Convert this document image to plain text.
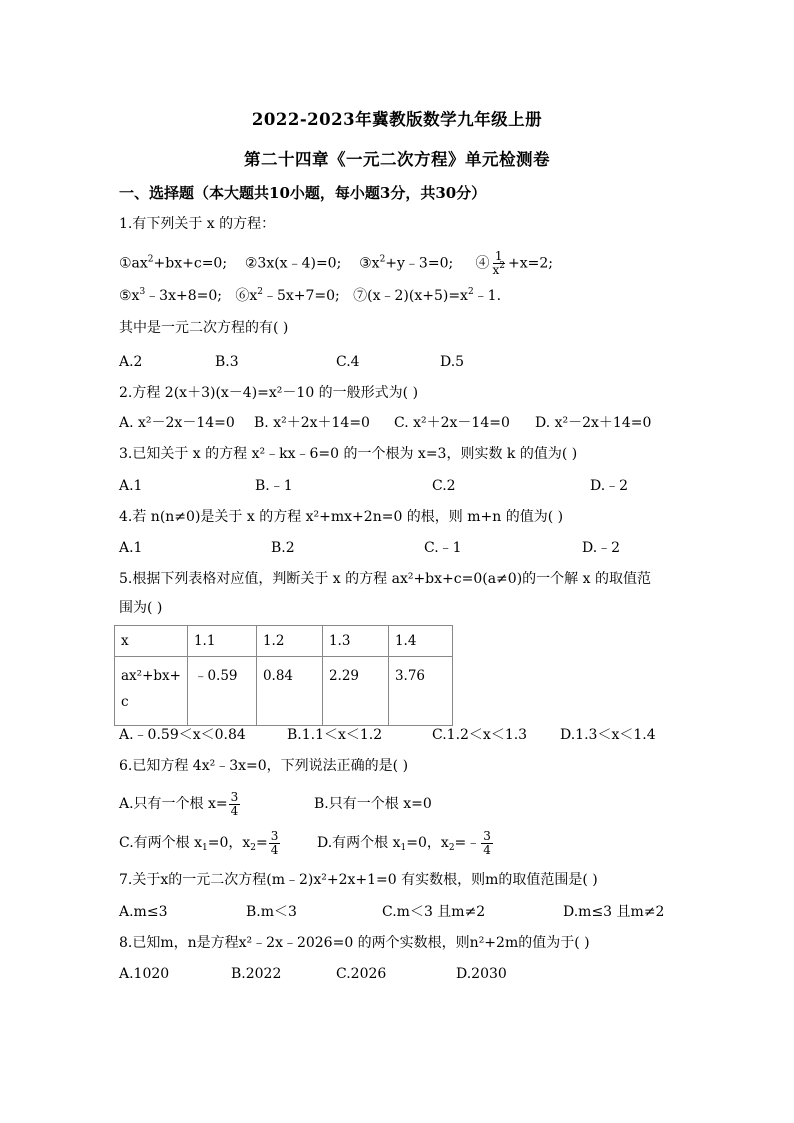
2022-2023年冀教版数学九年级上册
第二十四章《一元二次方程》单元检测卷
一、选择题（本大题共10小题，每小题3分，共30分）
1.有下列关于 x 的方程：
$①ax^2+bx+c=0$; ②3x(x﹣4)=0; $③x^2+y﹣3=0$; ④ $\frac{1}{x^2} +x=2$;
$⑤x^3﹣3x+8=0$; $⑥x^2﹣5x+7=0$; $⑦(x﹣2)(x+5)=x^2﹣1$.
其中是一元二次方程的有( )
A.2	B.3	C.4	D.5
2.方程 2(x＋3)(x－4)=x²－10 的一般形式为( )
A. x²－2x－14=0 B. x²＋2x＋14=0 C. x²＋2x－14=0 D. x²－2x＋14=0
3.已知关于 x 的方程 x²﹣kx﹣6=0 的一个根为 x=3，则实数 k 的值为( )
A.1	B.﹣1	C.2	D.﹣2
4.若 n(n≠0)是关于 x 的方程 x²+mx+2n=0 的根，则 m+n 的值为( )
A.1	B.2	C.﹣1	D.﹣2
5.根据下列表格对应值，判断关于 x 的方程 ax²+bx+c=0(a≠0)的一个解 x 的取值范
围为( )
x	1.1	1.2	1.3	1.4
ax²+bx+
c	﹣0.59	0.84	2.29	3.76
A.﹣0.59＜x＜0.84	B.1.1＜x＜1.2	C.1.2＜x＜1.3 D.1.3＜x＜1.4
6.已知方程 4x²﹣3x=0，下列说法正确的是( )
A.只有一个根 $x= \frac{3}{4}$	B.只有一个根 x=0
C.有两个根 $x_1=0$，$x_2= \frac{3}{4}$	D.有两个根 $x_1=0$，$x_2=﹣ \frac{3}{4}$
7.关于x的一元二次方程(m﹣2)x²+2x+1=0 有实数根，则m的取值范围是( )
A.m≤3	B.m＜3	C.m＜3 且m≠2	D.m≤3 且m≠2
8.已知m，n是方程x²﹣2x﹣2026=0 的两个实数根，则n²+2m的值为于( )
A.1020	B.2022	C.2026	D.2030
